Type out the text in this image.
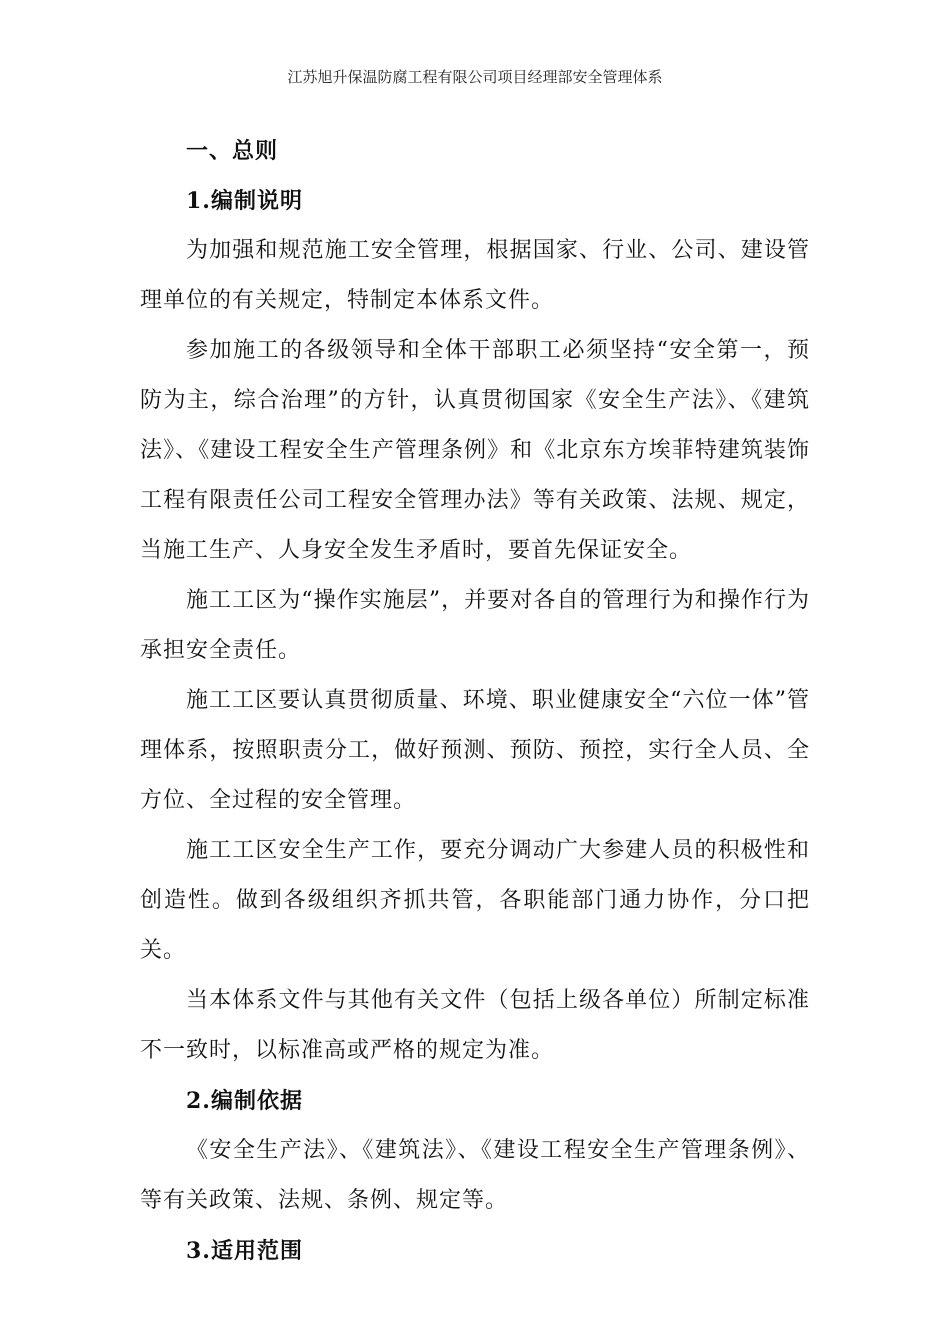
江苏旭升保温防腐工程有限公司项目经理部安全管理体系

一、总则

1.编制说明

为加强和规范施工安全管理，根据国家、行业、公司、建设管理单位的有关规定，特制定本体系文件。

参加施工的各级领导和全体干部职工必须坚持“安全第一，预防为主，综合治理”的方针，认真贯彻国家《安全生产法》、《建筑法》、《建设工程安全生产管理条例》和《北京东方埃菲特建筑装饰工程有限责任公司工程安全管理办法》等有关政策、法规、规定，当施工生产、人身安全发生矛盾时，要首先保证安全。

施工工区为“操作实施层”，并要对各自的管理行为和操作行为承担安全责任。

施工工区要认真贯彻质量、环境、职业健康安全“六位一体”管理体系，按照职责分工，做好预测、预防、预控，实行全人员、全方位、全过程的安全管理。

施工工区安全生产工作，要充分调动广大参建人员的积极性和创造性。做到各级组织齐抓共管，各职能部门通力协作，分口把关。

当本体系文件与其他有关文件（包括上级各单位）所制定标准不一致时，以标准高或严格的规定为准。

2.编制依据

《安全生产法》、《建筑法》、《建设工程安全生产管理条例》、等有关政策、法规、条例、规定等。

3.适用范围
